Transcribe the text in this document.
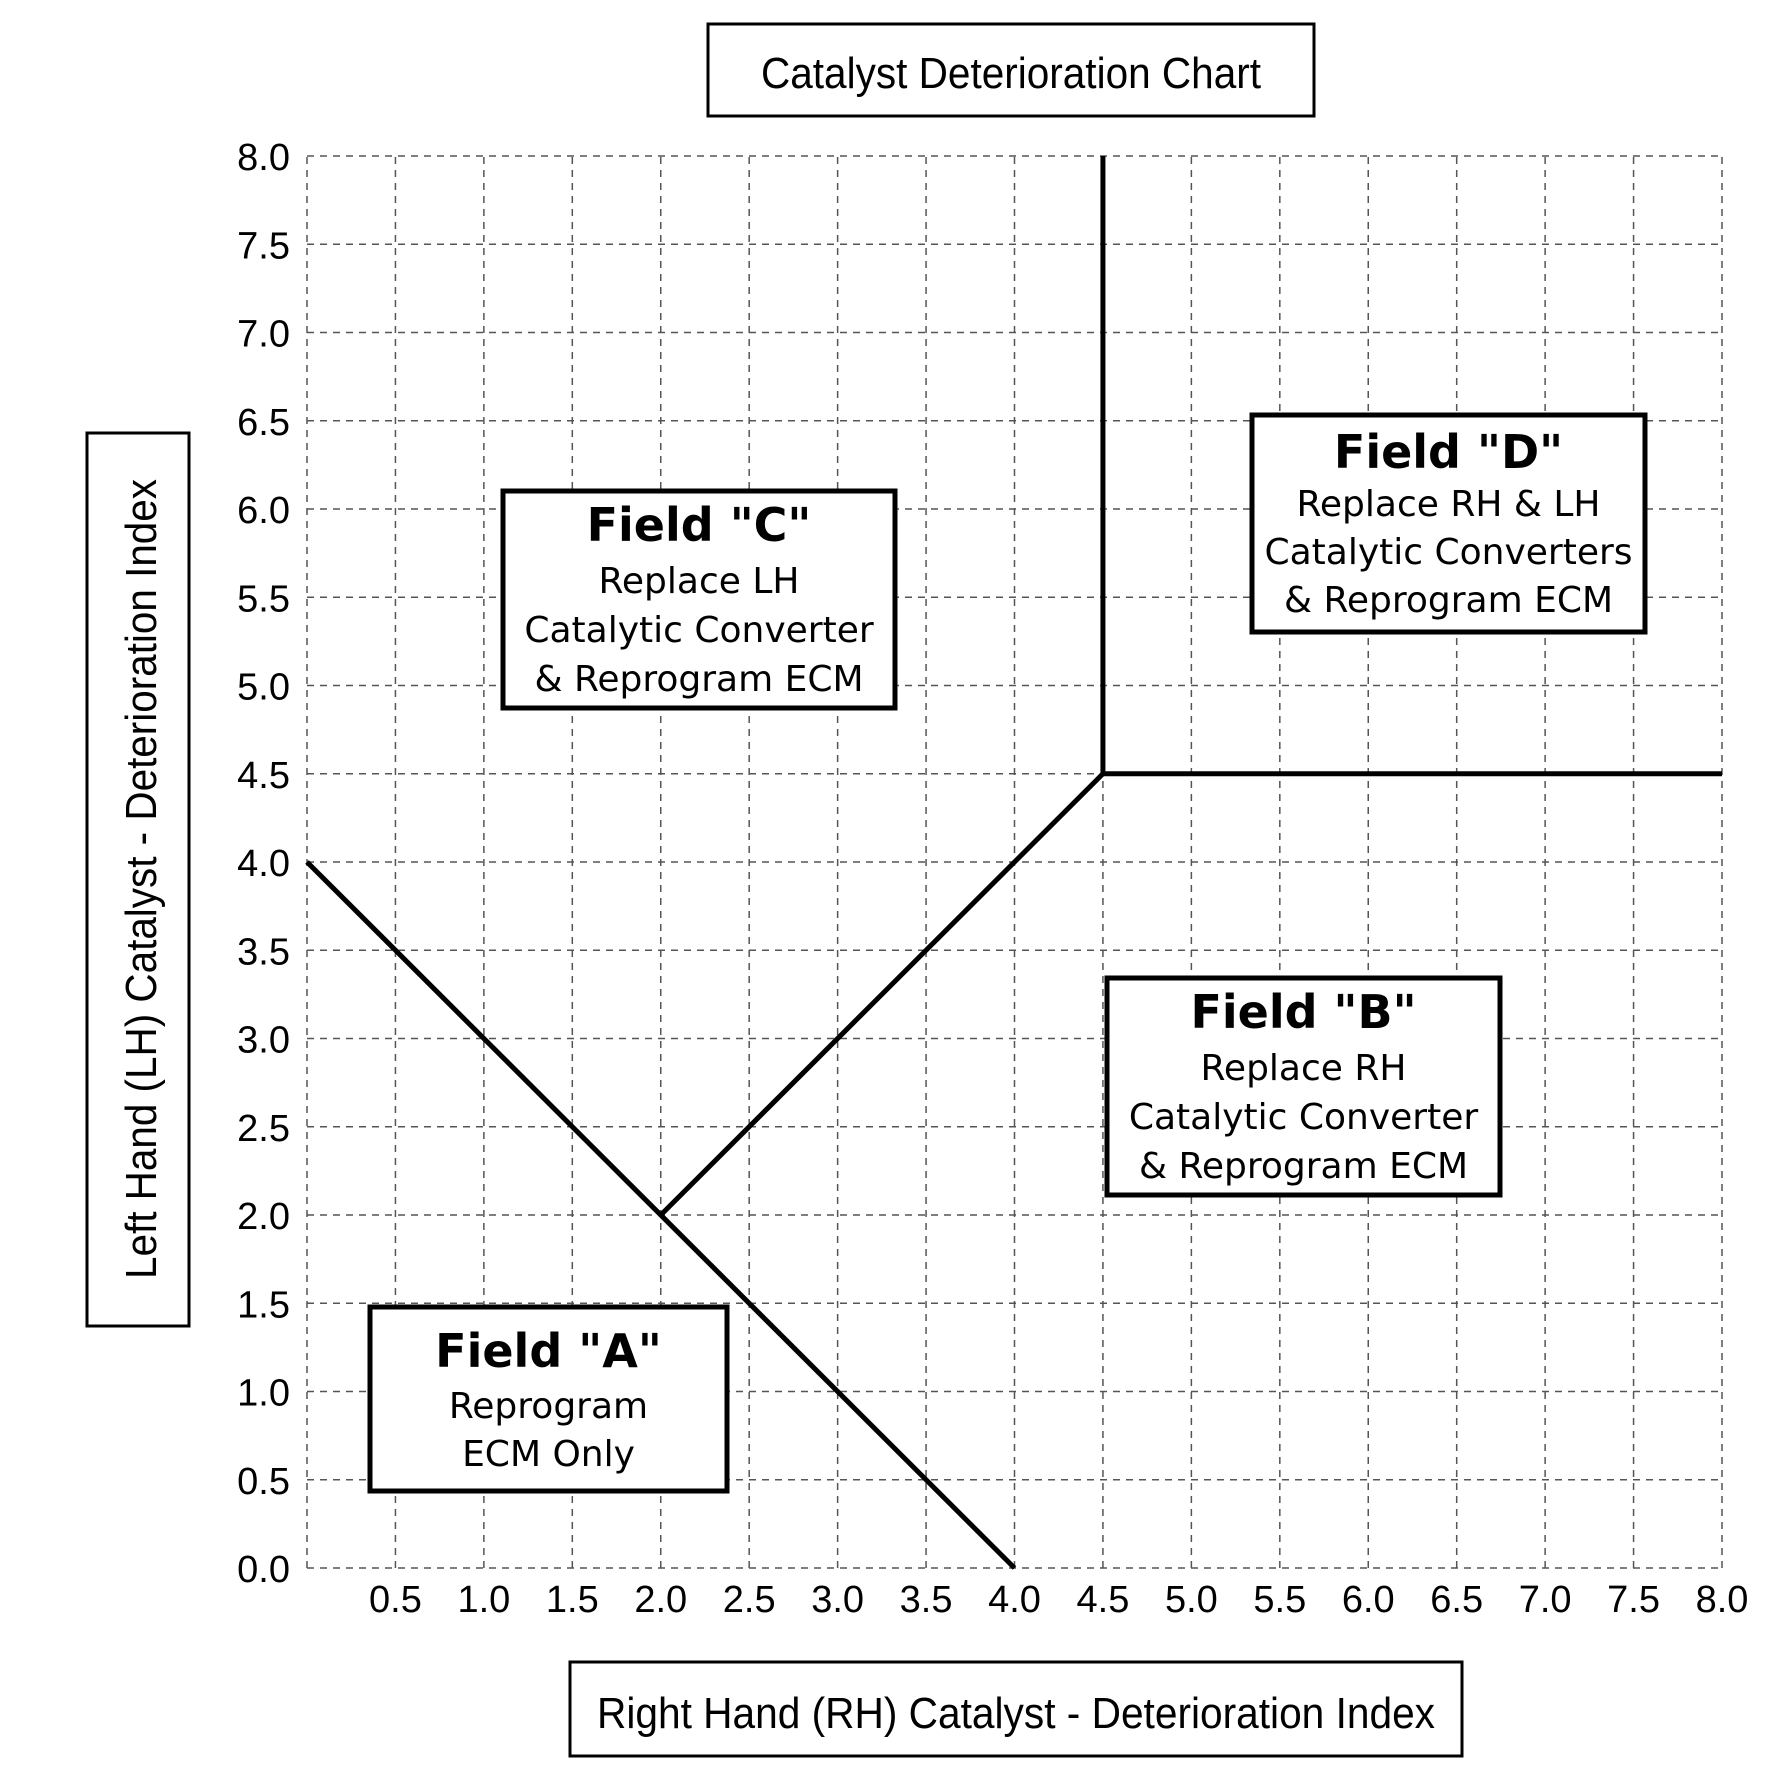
Catalyst Deterioration Chart
Left Hand (LH) Catalyst - Deterioration Index
Right Hand (RH) Catalyst - Deterioration Index
0.5 1.0 1.5 2.0 2.5 3.0 3.5 4.0 4.5 5.0 5.5 6.0 6.5 7.0 7.5 8.0
0.0
0.5
1.0
1.5
2.0
2.5
3.0
3.5
4.0
4.5
5.0
5.5
6.0
6.5
7.0
7.5
8.0
Field "A"
Reprogram
ECM Only
Field "B"
Replace RH
Catalytic Converter
& Reprogram ECM
Field "C"
Replace LH
Catalytic Converter
& Reprogram ECM
Field "D"
Replace RH & LH
Catalytic Converters
& Reprogram ECM
